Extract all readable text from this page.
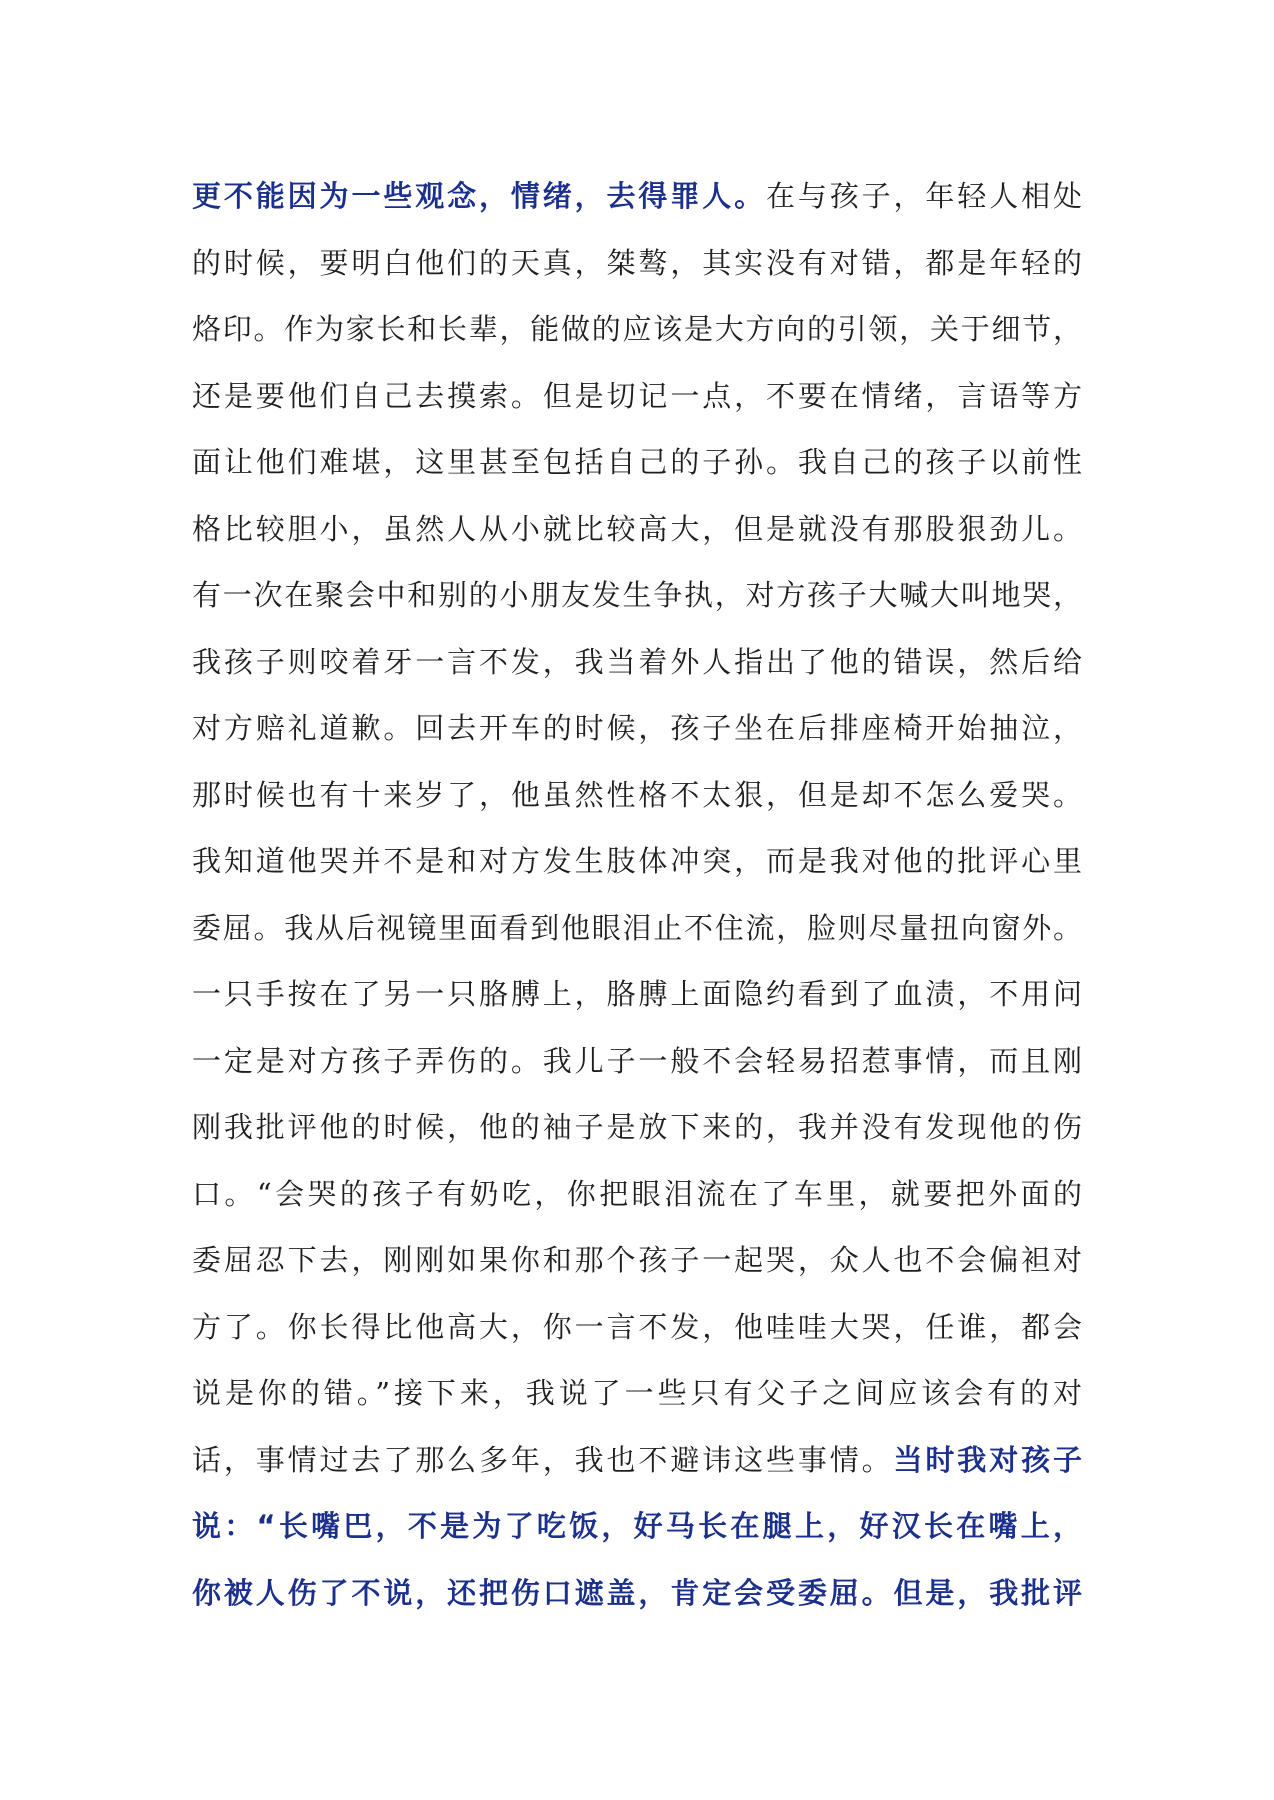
更不能因为一些观念，情绪，去得罪人。在与孩子，年轻人相处
的时候，要明白他们的天真，桀骜，其实没有对错，都是年轻的
烙印。作为家长和长辈，能做的应该是大方向的引领，关于细节，
还是要他们自己去摸索。但是切记一点，不要在情绪，言语等方
面让他们难堪，这里甚至包括自己的子孙。我自己的孩子以前性
格比较胆小，虽然人从小就比较高大，但是就没有那股狠劲儿。
有一次在聚会中和别的小朋友发生争执，对方孩子大喊大叫地哭，
我孩子则咬着牙一言不发，我当着外人指出了他的错误，然后给
对方赔礼道歉。回去开车的时候，孩子坐在后排座椅开始抽泣，
那时候也有十来岁了，他虽然性格不太狠，但是却不怎么爱哭。
我知道他哭并不是和对方发生肢体冲突，而是我对他的批评心里
委屈。我从后视镜里面看到他眼泪止不住流，脸则尽量扭向窗外。
一只手按在了另一只胳膊上，胳膊上面隐约看到了血渍，不用问
一定是对方孩子弄伤的。我儿子一般不会轻易招惹事情，而且刚
刚我批评他的时候，他的袖子是放下来的，我并没有发现他的伤
口。“会哭的孩子有奶吃，你把眼泪流在了车里，就要把外面的
委屈忍下去，刚刚如果你和那个孩子一起哭，众人也不会偏袒对
方了。你长得比他高大，你一言不发，他哇哇大哭，任谁，都会
说是你的错。”接下来，我说了一些只有父子之间应该会有的对
话，事情过去了那么多年，我也不避讳这些事情。当时我对孩子
说：“长嘴巴，不是为了吃饭，好马长在腿上，好汉长在嘴上，
你被人伤了不说，还把伤口遮盖，肯定会受委屈。但是，我批评
